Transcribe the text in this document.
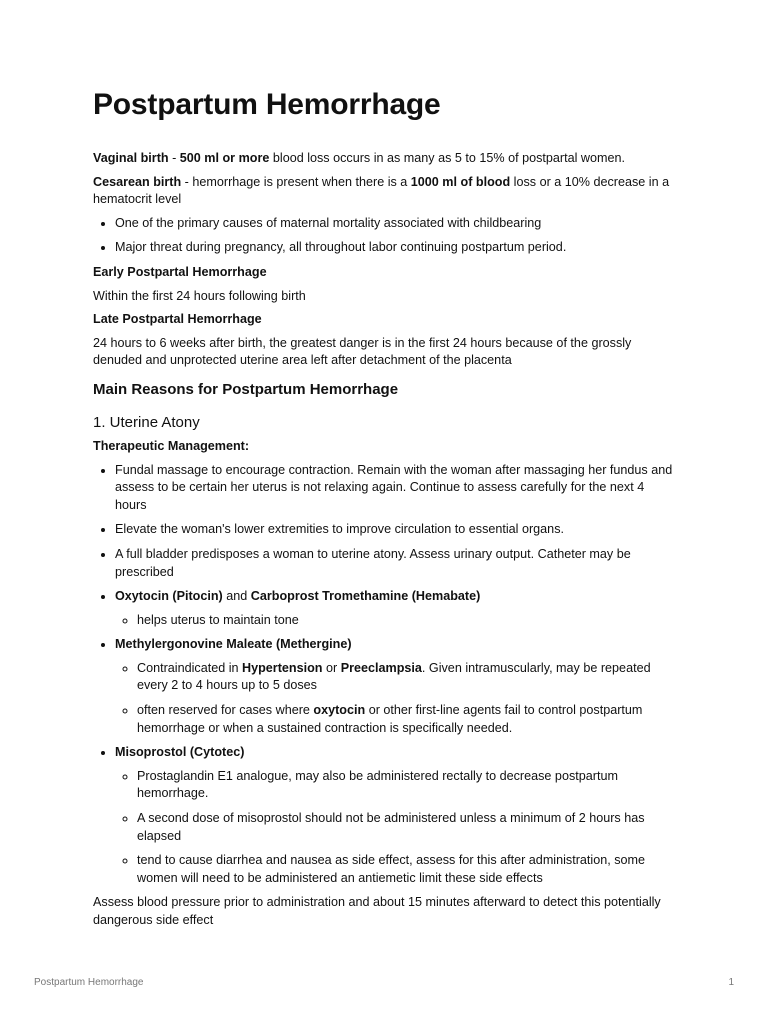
Postpartum Hemorrhage

Vaginal birth - 500 ml or more blood loss occurs in as many as 5 to 15% of postpartal women.

Cesarean birth - hemorrhage is present when there is a 1000 ml of blood loss or a 10% decrease in a hematocrit level

• One of the primary causes of maternal mortality associated with childbearing
• Major threat during pregnancy, all throughout labor continuing postpartum period.

Early Postpartal Hemorrhage

Within the first 24 hours following birth

Late Postpartal Hemorrhage

24 hours to 6 weeks after birth, the greatest danger is in the first 24 hours because of the grossly denuded and unprotected uterine area left after detachment of the placenta

Main Reasons for Postpartum Hemorrhage
1. Uterine Atony

Therapeutic Management:

• Fundal massage to encourage contraction. Remain with the woman after massaging her fundus and assess to be certain her uterus is not relaxing again. Continue to assess carefully for the next 4 hours
• Elevate the woman's lower extremities to improve circulation to essential organs.
• A full bladder predisposes a woman to uterine atony. Assess urinary output. Catheter may be prescribed
• Oxytocin (Pitocin) and Carboprost Tromethamine (Hemabate)
◦ helps uterus to maintain tone
• Methylergonovine Maleate (Methergine)
◦ Contraindicated in Hypertension or Preeclampsia. Given intramuscularly, may be repeated every 2 to 4 hours up to 5 doses
◦ often reserved for cases where oxytocin or other first-line agents fail to control postpartum hemorrhage or when a sustained contraction is specifically needed.
• Misoprostol (Cytotec)
◦ Prostaglandin E1 analogue, may also be administered rectally to decrease postpartum hemorrhage.
◦ A second dose of misoprostol should not be administered unless a minimum of 2 hours has elapsed
◦ tend to cause diarrhea and nausea as side effect, assess for this after administration, some women will need to be administered an antiemetic limit these side effects

Assess blood pressure prior to administration and about 15 minutes afterward to detect this potentially dangerous side effect

Postpartum Hemorrhage	1
